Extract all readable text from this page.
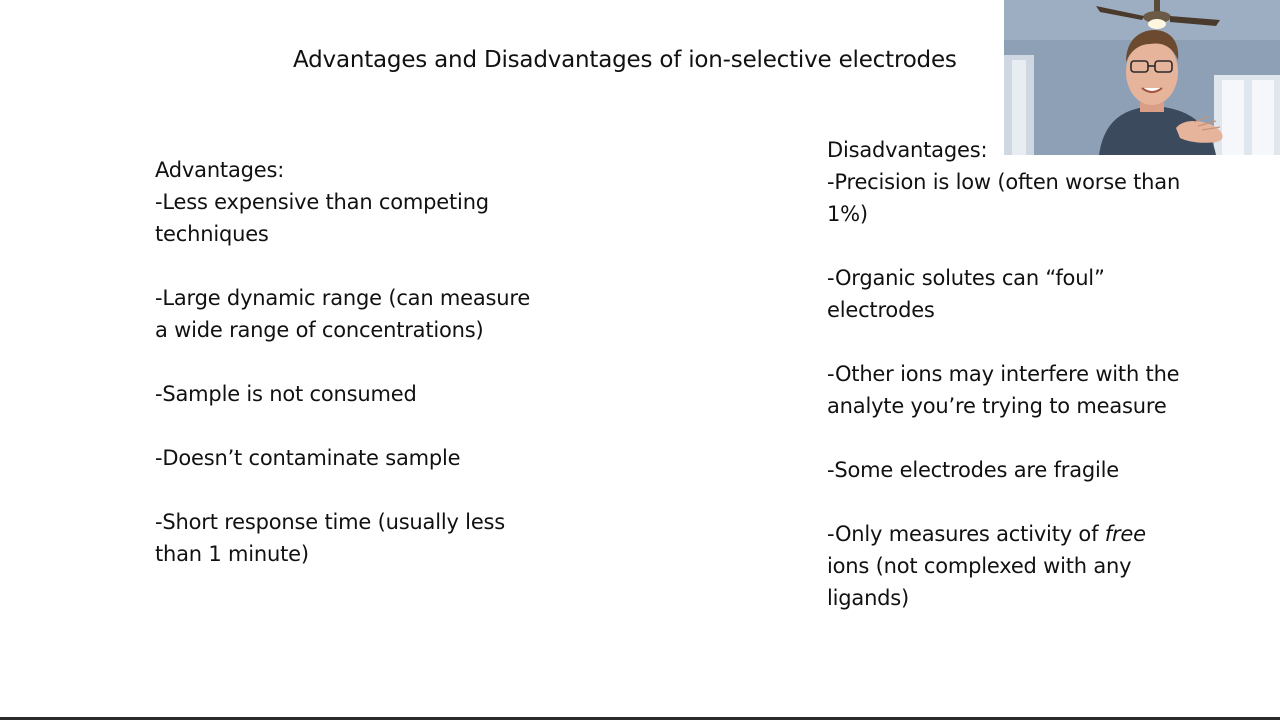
Advantages and Disadvantages of ion-selective electrodes
Advantages:
-Less expensive than competing techniques
-Large dynamic range (can measure a wide range of concentrations)
-Sample is not consumed
-Doesn’t contaminate sample
-Short response time (usually less than 1 minute)
Disadvantages:
-Precision is low (often worse than 1%)
-Organic solutes can “foul” electrodes
-Other ions may interfere with the analyte you’re trying to measure
-Some electrodes are fragile
-Only measures activity of free ions (not complexed with any ligands)
